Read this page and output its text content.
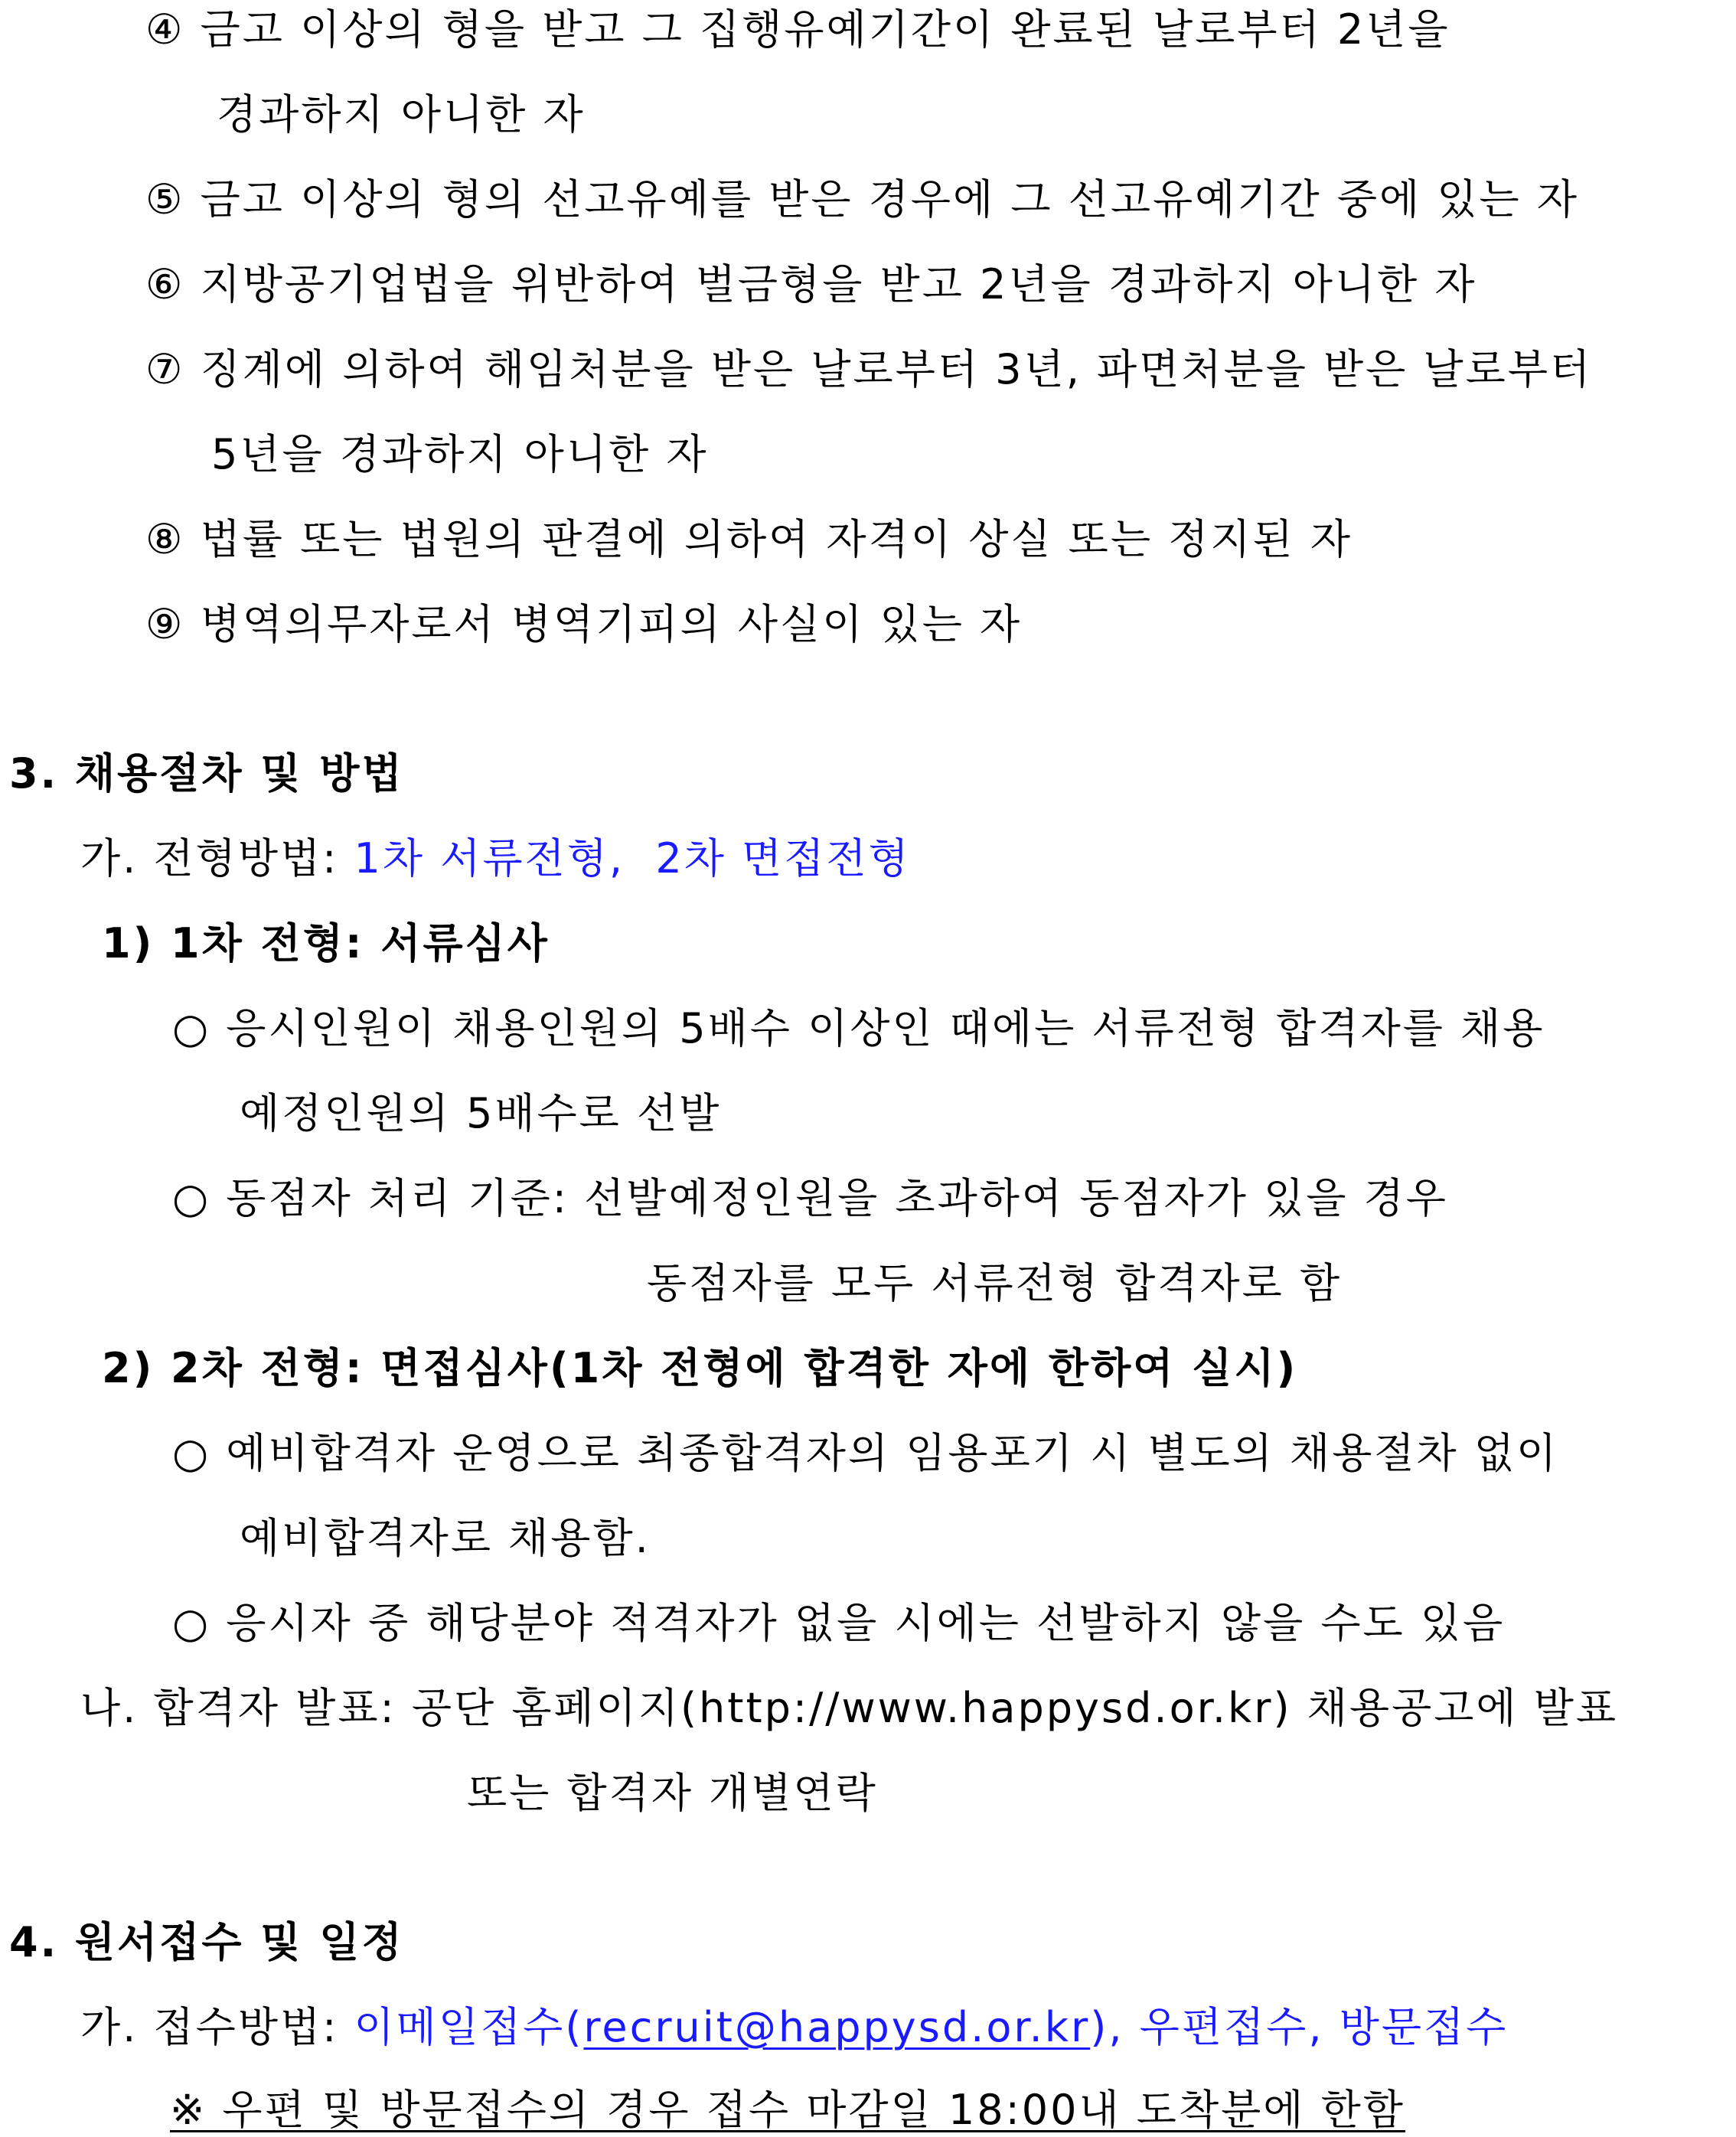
④ 금고 이상의 형을 받고 그 집행유예기간이 완료된 날로부터 2년을
경과하지 아니한 자
⑤ 금고 이상의 형의 선고유예를 받은 경우에 그 선고유예기간 중에 있는 자
⑥ 지방공기업법을 위반하여 벌금형을 받고 2년을 경과하지 아니한 자
⑦ 징계에 의하여 해임처분을 받은 날로부터 3년, 파면처분을 받은 날로부터
5년을 경과하지 아니한 자
⑧ 법률 또는 법원의 판결에 의하여 자격이 상실 또는 정지된 자
⑨ 병역의무자로서 병역기피의 사실이 있는 자
3. 채용절차 및 방법
가. 전형방법: 1차 서류전형,  2차 면접전형
1) 1차 전형: 서류심사
○ 응시인원이 채용인원의 5배수 이상인 때에는 서류전형 합격자를 채용
예정인원의 5배수로 선발
○ 동점자 처리 기준: 선발예정인원을 초과하여 동점자가 있을 경우
동점자를 모두 서류전형 합격자로 함
2) 2차 전형: 면접심사(1차 전형에 합격한 자에 한하여 실시)
○ 예비합격자 운영으로 최종합격자의 임용포기 시 별도의 채용절차 없이
예비합격자로 채용함.
○ 응시자 중 해당분야 적격자가 없을 시에는 선발하지 않을 수도 있음
나. 합격자 발표: 공단 홈페이지(http://www.happysd.or.kr) 채용공고에 발표
또는 합격자 개별연락
4. 원서접수 및 일정
가. 접수방법: 이메일접수(recruit@happysd.or.kr), 우편접수, 방문접수
※ 우편 및 방문접수의 경우 접수 마감일 18:00내 도착분에 한함
